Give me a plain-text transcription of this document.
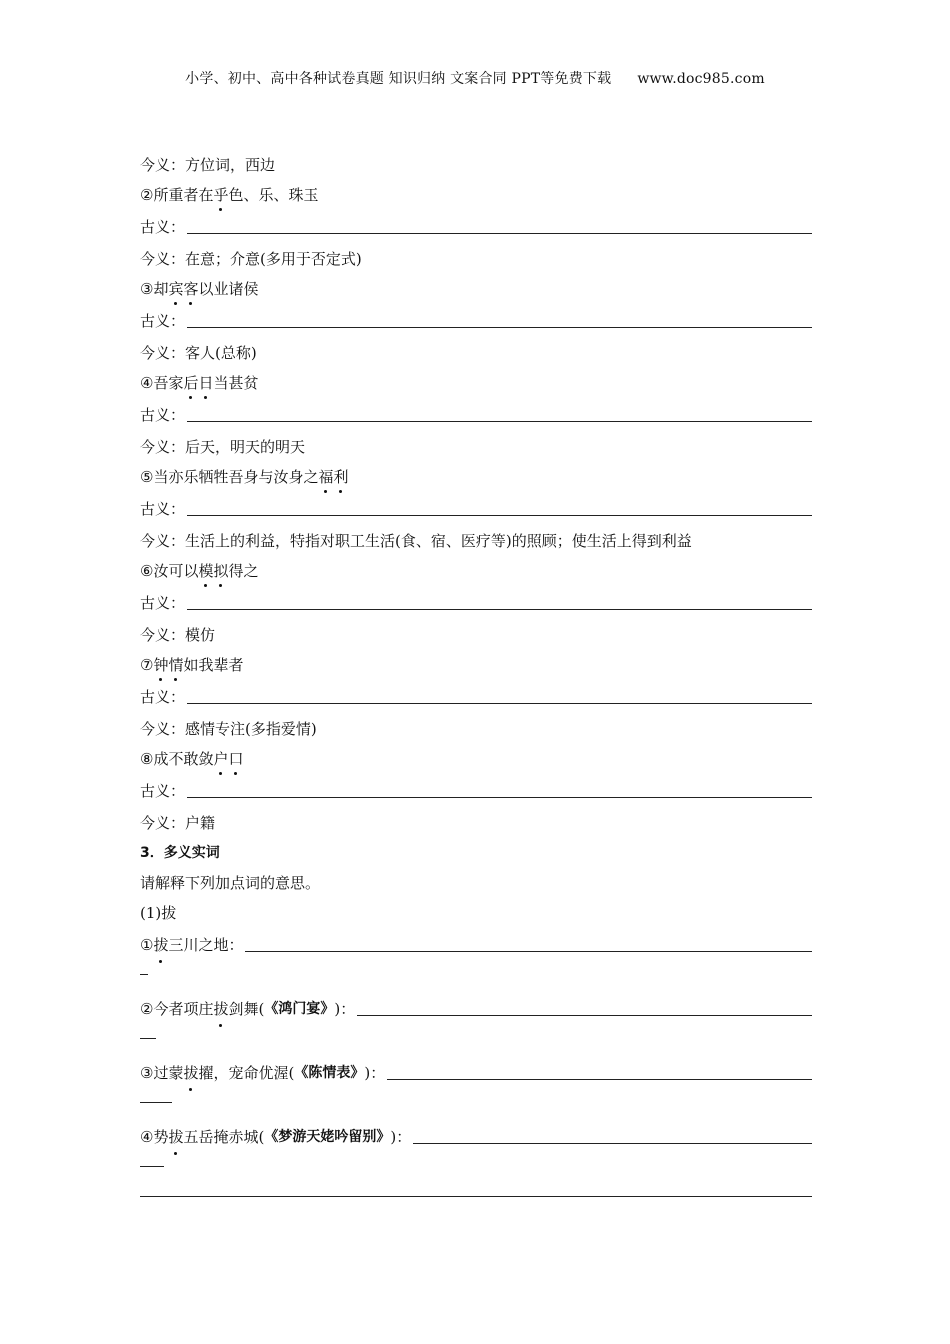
小学、初中、高中各种试卷真题 知识归纳 文案合同 PPT等免费下载 www.doc985.com
今义：方位词，西边
② 所重者在 乎 色、乐、珠玉
古义：
今义：在意；介意(多用于否定式)
③ 却 宾 客 以业诸侯
古义：
今义：客人(总称)
④ 吾家 后 日 当甚贫
古义：
今义：后天，明天的明天
⑤ 当亦乐牺牲吾身与汝身之 福 利
古义：
今义：生活上的利益，特指对职工生活(食、宿、医疗等)的照顾；使生活上得到利益
⑥ 汝可以 模 拟 得之
古义：
今义：模仿
⑦ 钟 情 如我辈者
古义：
今义：感情专注(多指爱情)
⑧ 成不敢敛 户 口
古义：
今义：户籍
3．多义实词
请解释下列加点词的意思。
(1)拔
① 拔 三川之地：
② 今者项庄 拔 剑舞( 《鸿门宴》 )：
③ 过蒙 拔 擢，宠命优渥( 《陈情表》 )：
④ 势 拔 五岳掩赤城( 《梦游天姥吟留别》 )：
